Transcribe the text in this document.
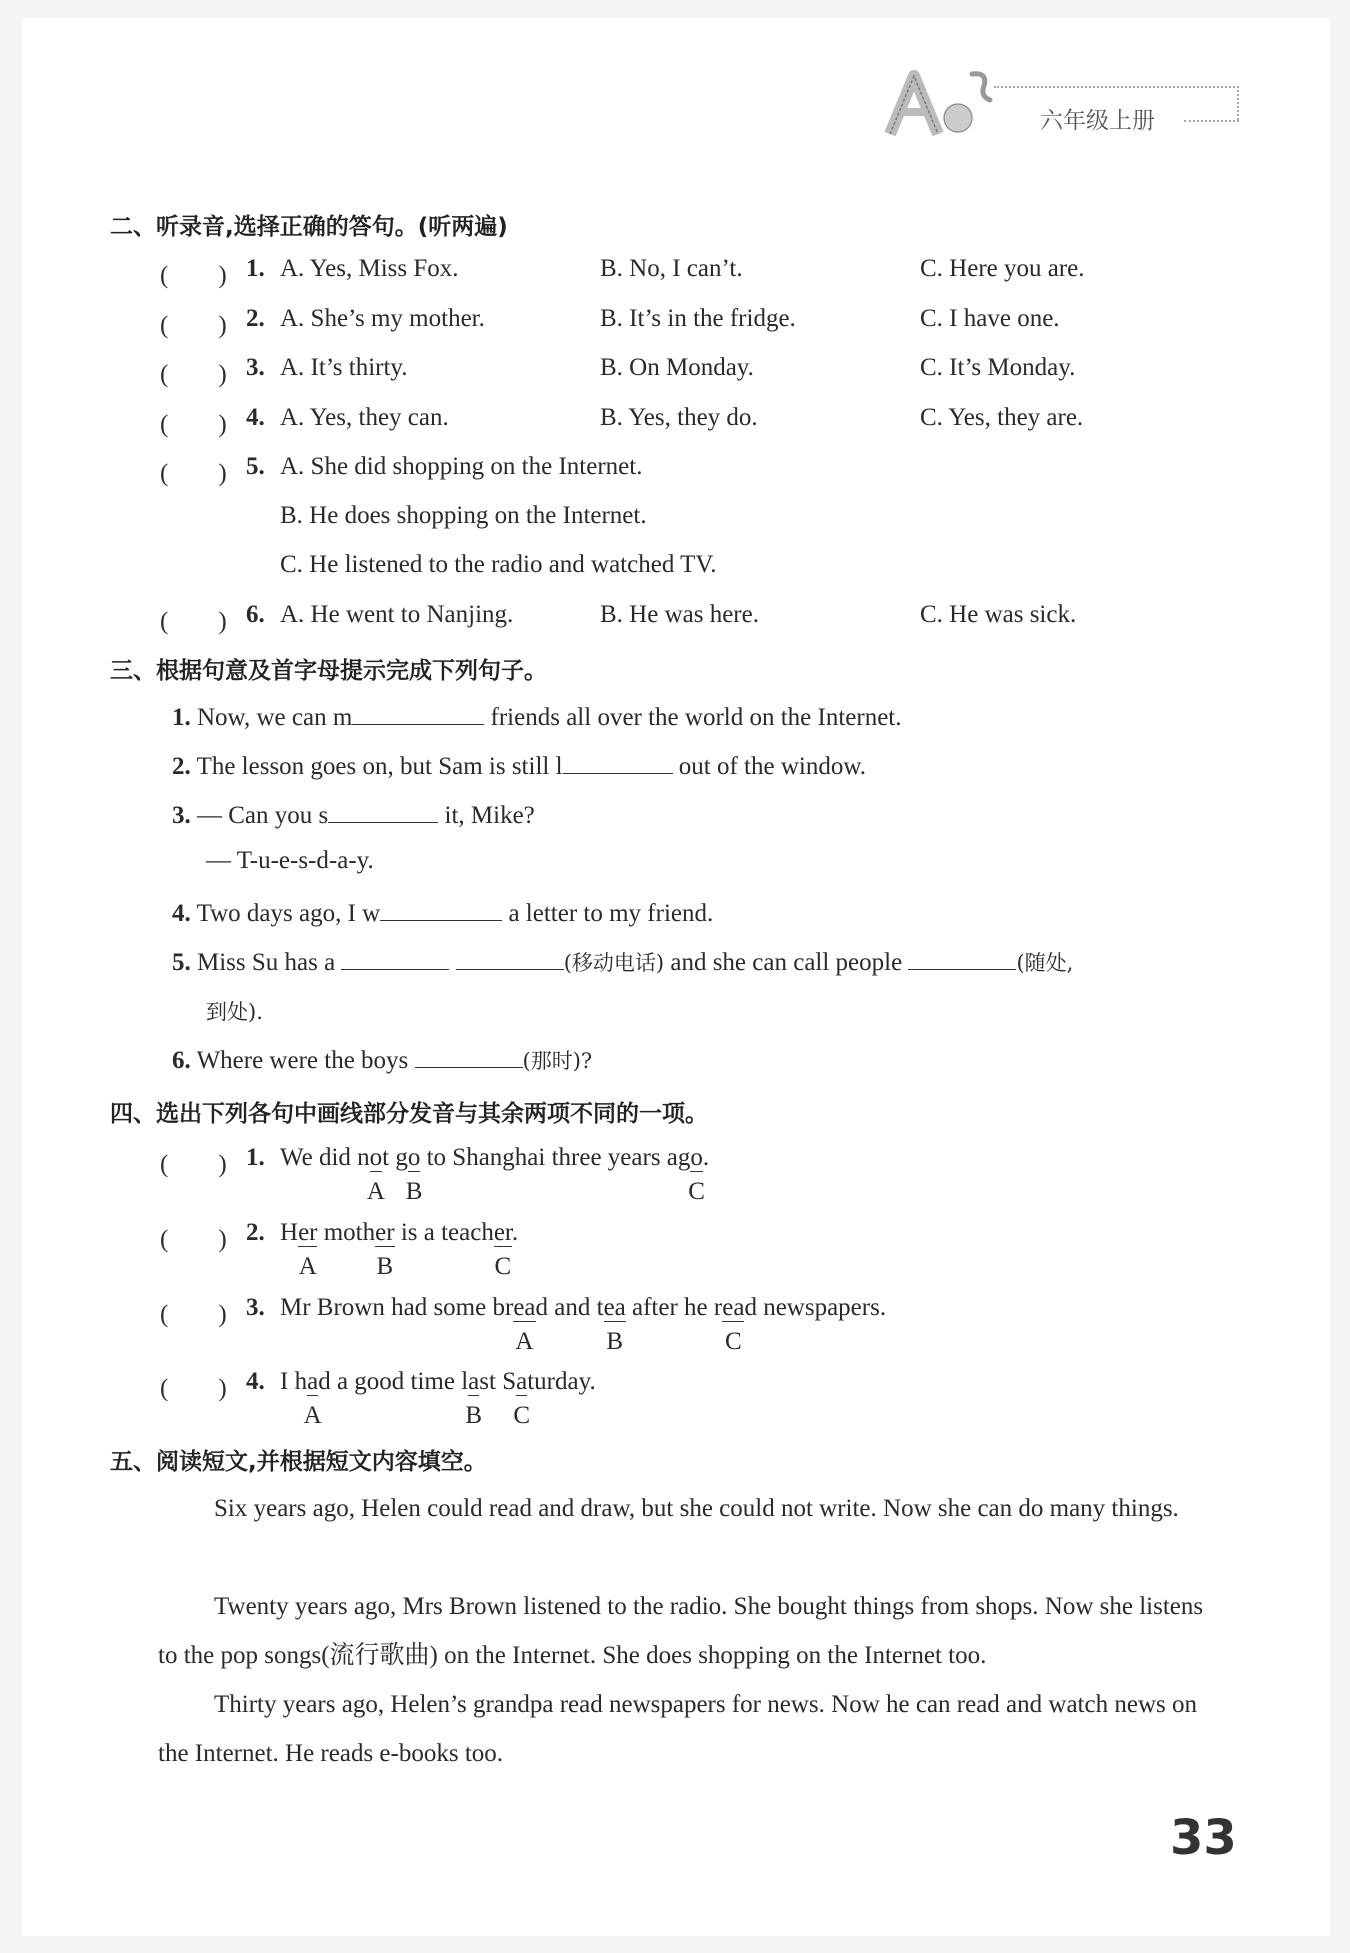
六年级上册
二、听录音,选择正确的答句。(听两遍)
(　　) 1. A. Yes, Miss Fox.	B. No, I can’t.	C. Here you are.
(　　) 2. A. She’s my mother.	B. It’s in the fridge.	C. I have one.
(　　) 3. A. It’s thirty.	B. On Monday.	C. It’s Monday.
(　　) 4. A. Yes, they can.	B. Yes, they do.	C. Yes, they are.
(　　) 5. A. She did shopping on the Internet.
B. He does shopping on the Internet.
C. He listened to the radio and watched TV.
(　　) 6. A. He went to Nanjing.	B. He was here.	C. He was sick.
三、根据句意及首字母提示完成下列句子。
1. Now, we can m	friends all over the world on the Internet.
2. The lesson goes on, but Sam is still l	out of the window.
3. — Can you s	it, Mike?
— T-u-e-s-d-a-y.
4. Two days ago, I w	a letter to my friend.
5. Miss Su has a	(移动电话) and she can call people	(随处,
到处).
6. Where were the boys	(那时)?
四、选出下列各句中画线部分发音与其余两项不同的一项。
(　　) 1. We did not go to Shanghai three years ago.
A B	C
(　　) 2. Her mother is a teacher.
A B	C
(　　) 3. Mr Brown had some bread and tea after he read newspapers.
A	B	C
(　　) 4. I had a good time last Saturday.
A	B C
五、阅读短文,并根据短文内容填空。
Six years ago, Helen could read and draw, but she could not write. Now she can do many things.
Twenty years ago, Mrs Brown listened to the radio. She bought things from shops. Now she listens to the pop songs(流行歌曲) on the Internet. She does shopping on the Internet too.
Thirty years ago, Helen’s grandpa read newspapers for news. Now he can read and watch news on the Internet. He reads e-books too.
33
